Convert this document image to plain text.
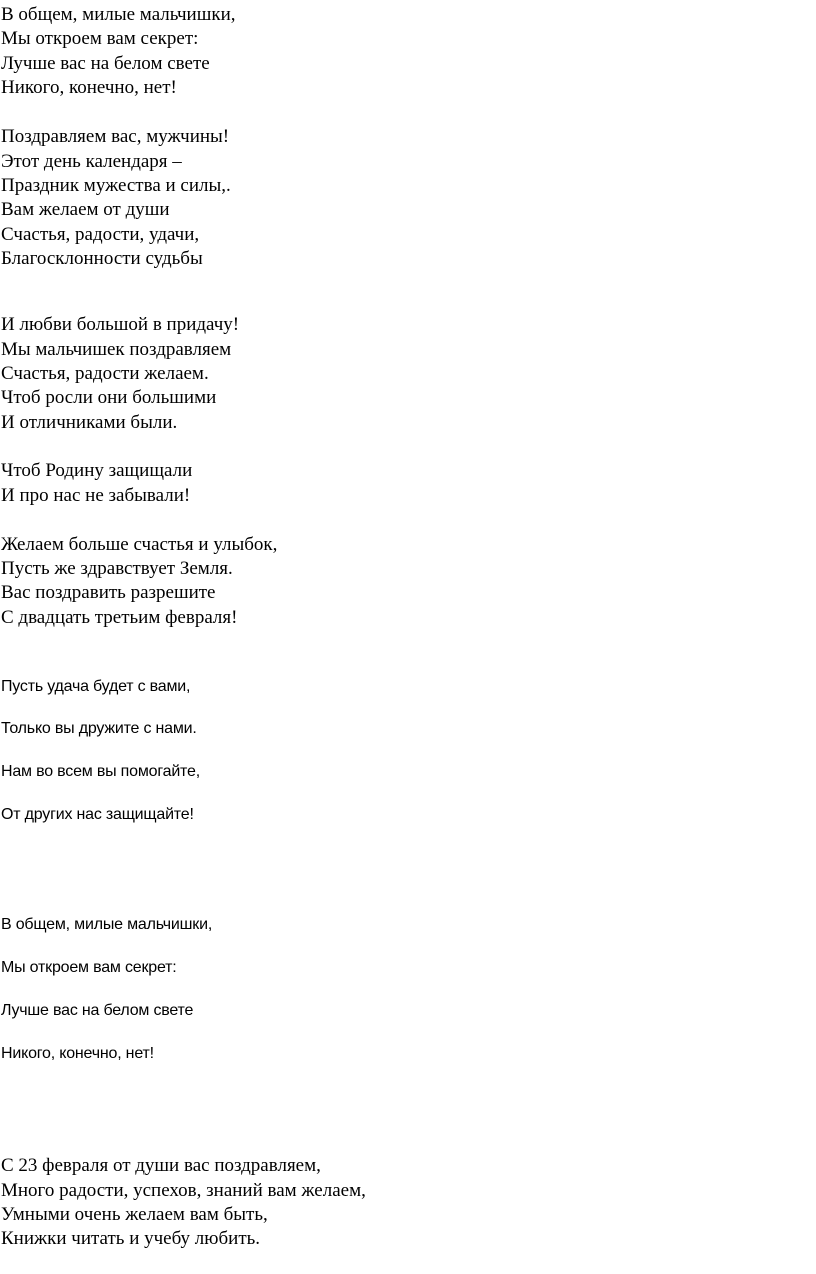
В общем, милые мальчишки,
Мы откроем вам секрет:
Лучше вас на белом свете
Никого, конечно, нет!
Поздравляем вас, мужчины!
Этот день календаря –
Праздник мужества и силы,.
Вам желаем от души
Счастья, радости, удачи,
Благосклонности судьбы
И любви большой в придачу!
Мы мальчишек поздравляем
Счастья, радости желаем.
Чтоб росли они большими
И отличниками были.
Чтоб Родину защищали
И про нас не забывали!
Желаем больше счастья и улыбок,
Пусть же здравствует Земля.
Вас поздравить разрешите
С двадцать третьим февраля!
Пусть удача будет с вами,
Только вы дружите с нами.
Нам во всем вы помогайте,
От других нас защищайте!
В общем, милые мальчишки,
Мы откроем вам секрет:
Лучше вас на белом свете
Никого, конечно, нет!
С 23 февраля от души вас поздравляем,
Много радости, успехов, знаний вам желаем,
Умными очень желаем вам быть,
Книжки читать и учебу любить.
